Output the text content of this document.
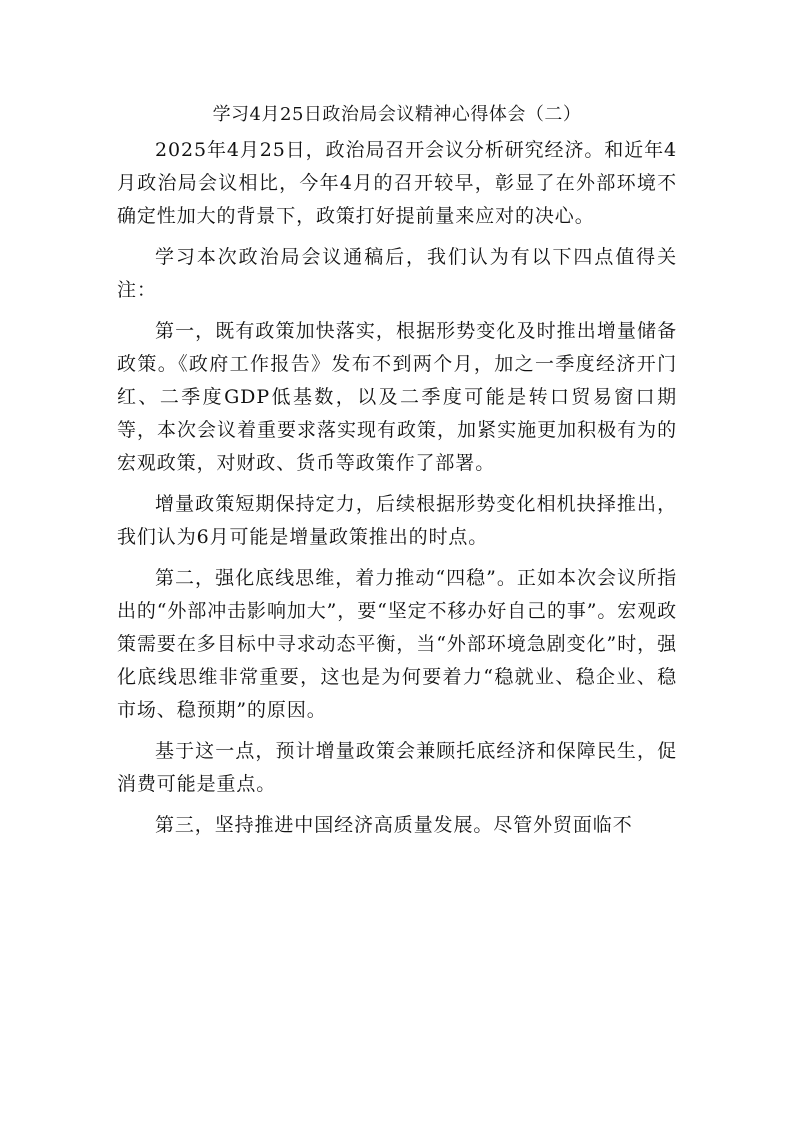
学习4月25日政治局会议精神心得体会（二）

2025年4月25日，政治局召开会议分析研究经济。和近年4月政治局会议相比，今年4月的召开较早，彰显了在外部环境不确定性加大的背景下，政策打好提前量来应对的决心。

学习本次政治局会议通稿后，我们认为有以下四点值得关注：

第一，既有政策加快落实，根据形势变化及时推出增量储备政策。《政府工作报告》发布不到两个月，加之一季度经济开门红、二季度GDP低基数，以及二季度可能是转口贸易窗口期等，本次会议着重要求落实现有政策，加紧实施更加积极有为的宏观政策，对财政、货币等政策作了部署。

增量政策短期保持定力，后续根据形势变化相机抉择推出，我们认为6月可能是增量政策推出的时点。

第二，强化底线思维，着力推动“四稳”。正如本次会议所指出的“外部冲击影响加大”，要“坚定不移办好自己的事”。宏观政策需要在多目标中寻求动态平衡，当“外部环境急剧变化”时，强化底线思维非常重要，这也是为何要着力“稳就业、稳企业、稳市场、稳预期”的原因。

基于这一点，预计增量政策会兼顾托底经济和保障民生，促消费可能是重点。

第三，坚持推进中国经济高质量发展。尽管外贸面临不
